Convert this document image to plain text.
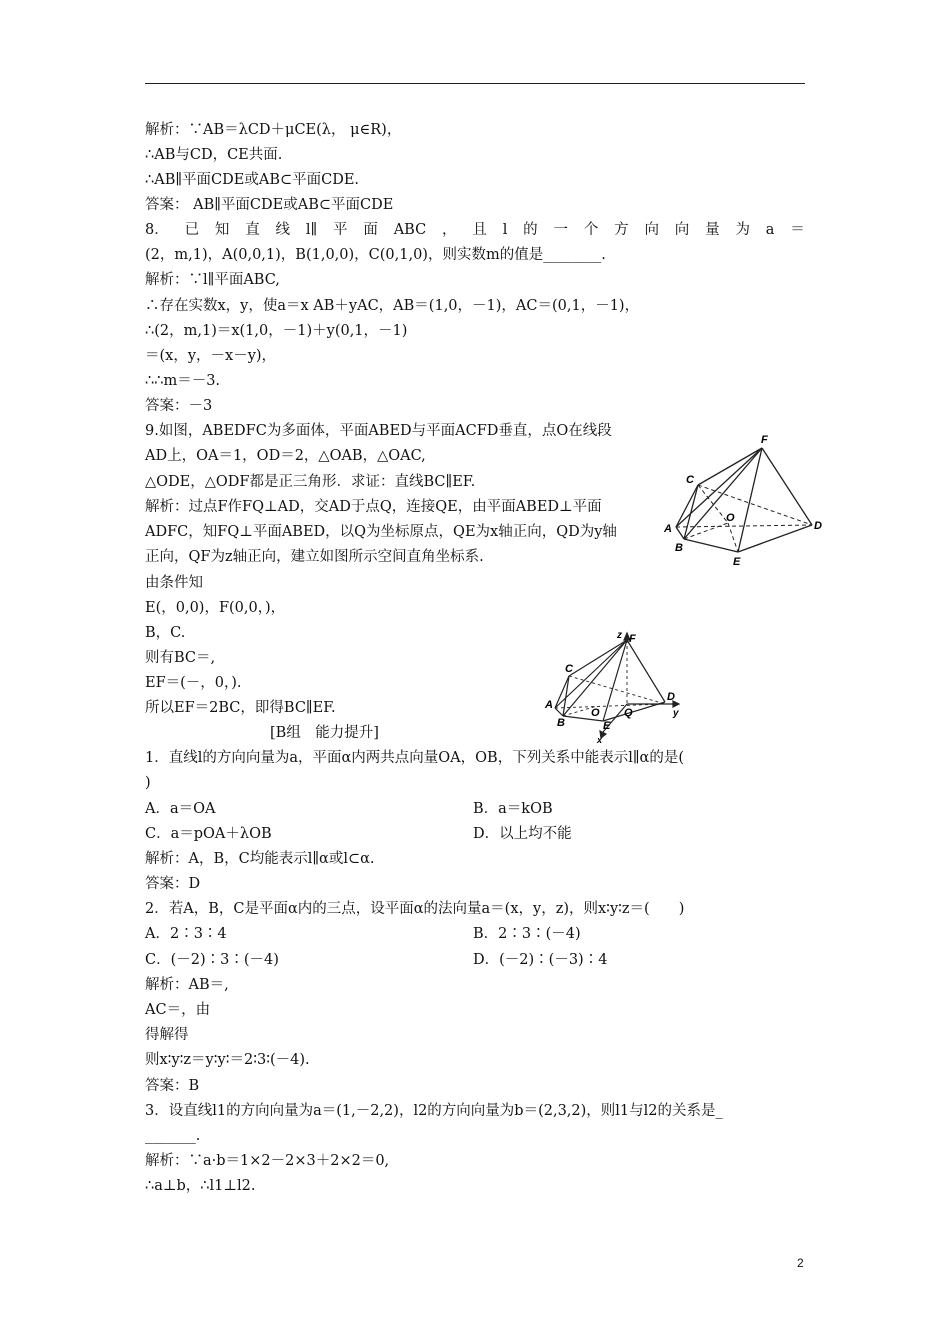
解析：∵AB＝λCD＋μCE(λ， μ∈R)，
∴AB与CD，CE共面.
∴AB∥平面CDE或AB⊂平面CDE.
答案： AB∥平面CDE或AB⊂平面CDE
8． 已 知 直 线 l∥ 平 面 ABC ， 且 l 的 一 个 方 向 向 量 为 a ＝
(2，m,1)，A(0,0,1)，B(1,0,0)，C(0,1,0)，则实数m的值是________.
解析：∵l∥平面ABC,
∴存在实数x，y，使a＝x AB＋yAC，AB＝(1,0，－1)，AC＝(0,1，－1)，
∴(2，m,1)＝x(1,0，－1)＋y(0,1，－1)
＝(x，y，－x－y)，
∴∴m＝－3.
答案：－3
9.如图，ABEDFC为多面体，平面ABED与平面ACFD垂直，点O在线段
AD上，OA＝1，OD＝2，△OAB，△OAC,
△ODE，△ODF都是正三角形．求证：直线BC∥EF.
解析：过点F作FQ⊥AD，交AD于点Q，连接QE，由平面ABED⊥平面
ADFC，知FQ⊥平面ABED，以Q为坐标原点，QE为x轴正向，QD为y轴
正向，QF为z轴正向，建立如图所示空间直角坐标系.
由条件知
E(，0,0)，F(0,0，)，
B，C.
则有BC＝,
EF＝(－，0，).
所以EF＝2BC，即得BC∥EF.
[B组　能力提升]
1．直线l的方向向量为a，平面α内两共点向量OA，OB，下列关系中能表示l∥α的是(
)
A．a＝OA	B．a＝kOB
C．a＝pOA＋λOB	D．以上均不能
解析：A，B，C均能表示l∥α或l⊂α.
答案：D
2．若A，B，C是平面α内的三点，设平面α的法向量a＝(x，y，z)，则x∶y∶z＝(　　)
A．2∶3∶4	B．2∶3∶(－4)
C．(－2)∶3∶(－4)	D．(－2)∶(－3)∶4
解析：AB＝,
AC＝，由
得解得
则x∶y∶z＝y∶y∶＝2∶3∶(－4).
答案：B
3．设直线l1的方向向量为a＝(1,－2,2)，l2的方向向量为b＝(2,3,2)，则l1与l2的关系是_
_______.
解析：∵a·b＝1×2－2×3＋2×2＝0,
∴a⊥b，∴l1⊥l2.
F
C
O
A
B
E
D
z F
C
A
B
O Q
E
x
D
y
2
